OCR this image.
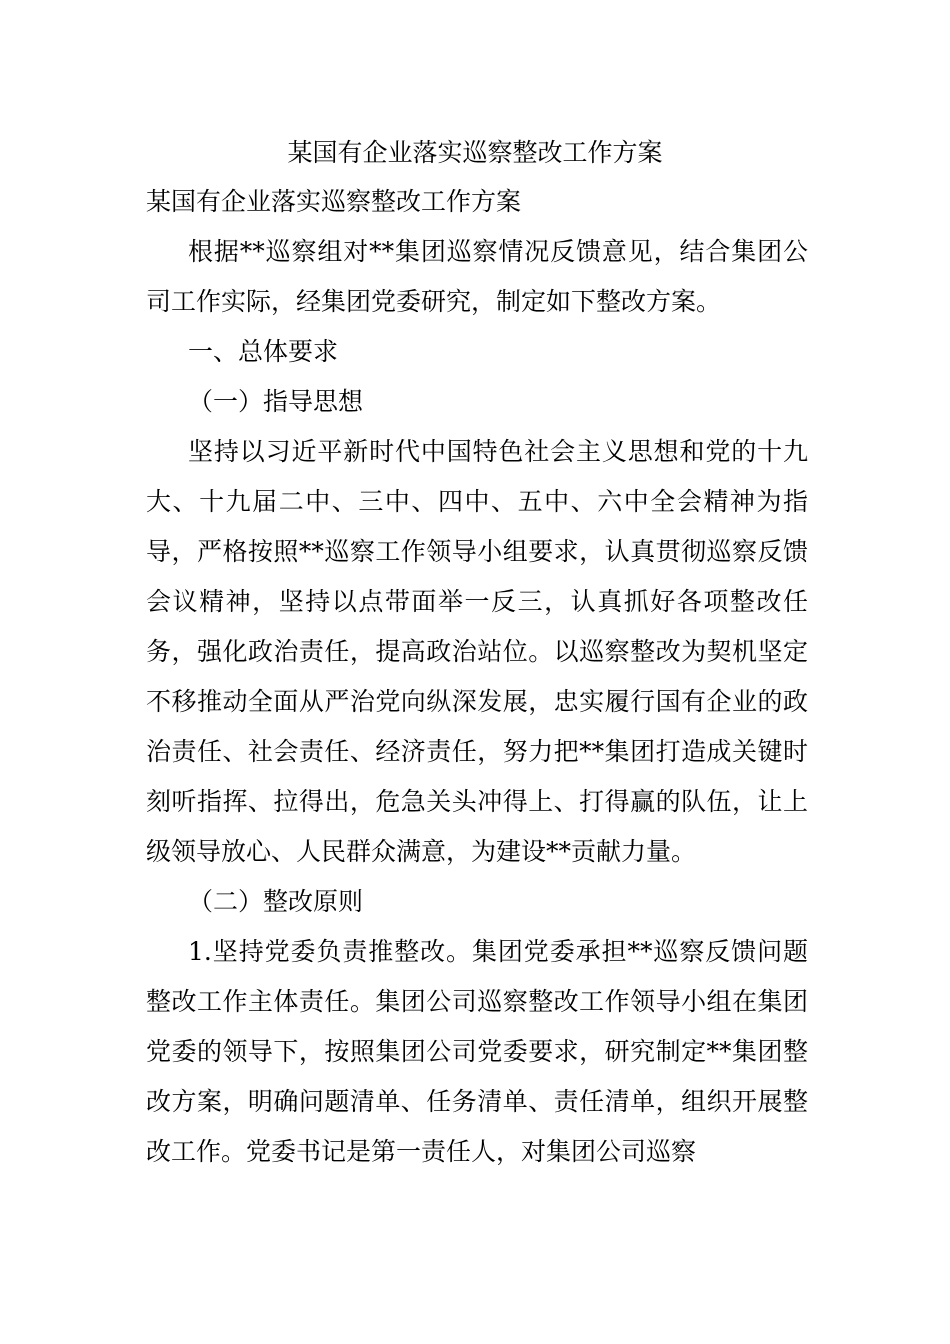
某国有企业落实巡察整改工作方案

某国有企业落实巡察整改工作方案

根据**巡察组对**集团巡察情况反馈意见，结合集团公司工作实际，经集团党委研究，制定如下整改方案。

一、总体要求

（一）指导思想

坚持以习近平新时代中国特色社会主义思想和党的十九大、十九届二中、三中、四中、五中、六中全会精神为指导，严格按照**巡察工作领导小组要求，认真贯彻巡察反馈会议精神，坚持以点带面举一反三，认真抓好各项整改任务，强化政治责任，提高政治站位。以巡察整改为契机坚定不移推动全面从严治党向纵深发展，忠实履行国有企业的政治责任、社会责任、经济责任，努力把**集团打造成关键时刻听指挥、拉得出，危急关头冲得上、打得赢的队伍，让上级领导放心、人民群众满意，为建设**贡献力量。

（二）整改原则

1.坚持党委负责推整改。集团党委承担**巡察反馈问题整改工作主体责任。集团公司巡察整改工作领导小组在集团党委的领导下，按照集团公司党委要求，研究制定**集团整改方案，明确问题清单、任务清单、责任清单，组织开展整改工作。党委书记是第一责任人，对集团公司巡察
